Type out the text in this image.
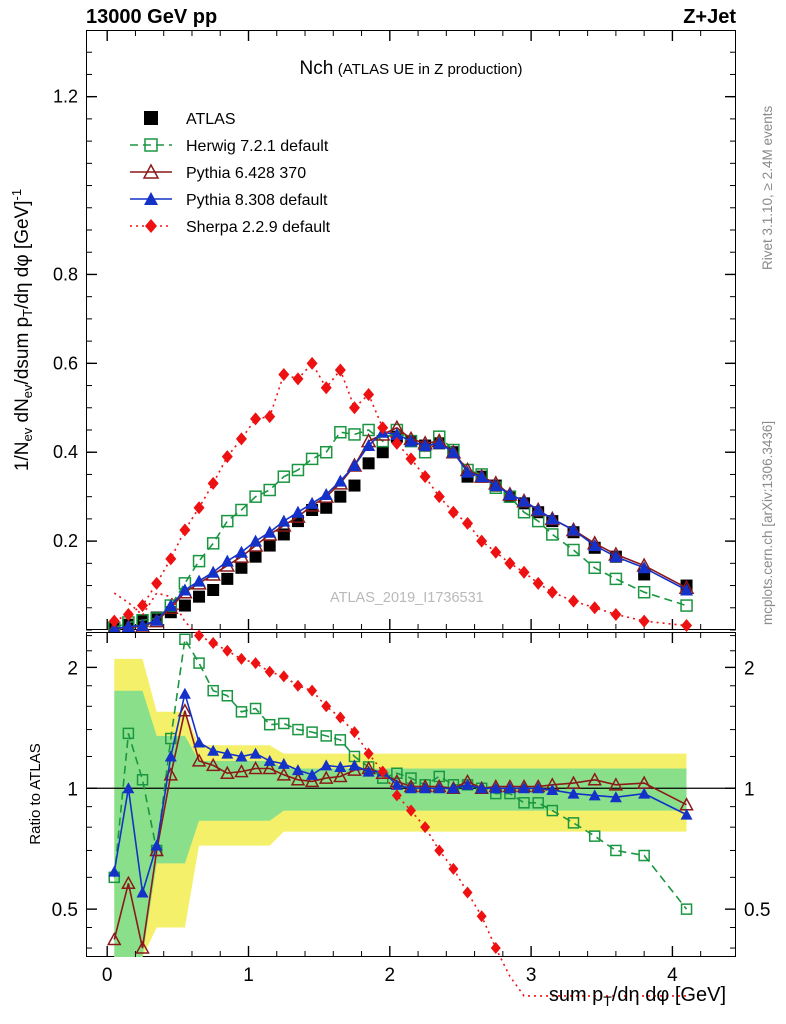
13000 GeV pp	Z+Jet
Rivet 3.1.10, ≥ 2.4M events
mcplots.cern.ch [arXiv:1306.3436]
$1/N_{ev}$ $dN_{ev}$/dsum $p_T/d\eta$ dφ [GeV]$^{-1}$
0.2
0.4
0.6
0.8
1.2
Nch (ATLAS UE in Z production)
ATLAS_2019_I1736531
ATLAS
Herwig 7.2.1 default
Pythia 6.428 370
Pythia 8.308 default
Sherpa 2.2.9 default
0.5	0.5
1	1
2	2
0	1	2	3	4
Ratio to ATLAS
sum $p_T/d\eta$ dφ [GeV]
